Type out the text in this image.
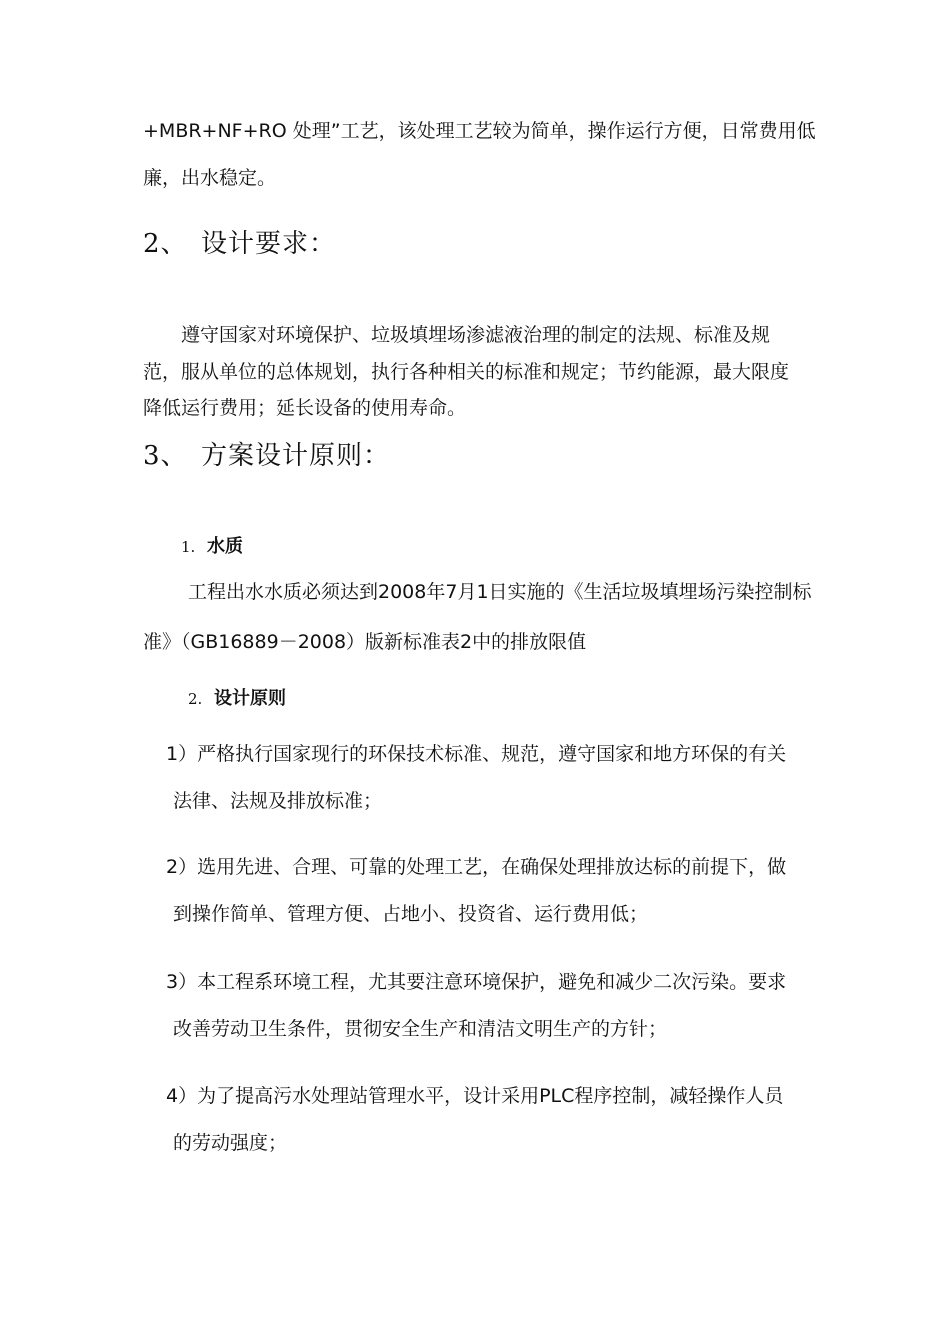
+MBR+NF+RO 处理”工艺，该处理工艺较为简单，操作运行方便，日常费用低
廉，出水稳定。
2、 设计要求：
遵守国家对环境保护、垃圾填埋场渗滤液治理的制定的法规、标准及规
范，服从单位的总体规划，执行各种相关的标准和规定；节约能源，最大限度
降低运行费用；延长设备的使用寿命。
3、 方案设计原则：
1. 水质
工程出水水质必须达到2008年7月1日实施的《生活垃圾填埋场污染控制标
准》（GB16889－2008）版新标准表2中的排放限值
2. 设计原则
1）严格执行国家现行的环保技术标准、规范，遵守国家和地方环保的有关
法律、法规及排放标准；
2）选用先进、合理、可靠的处理工艺，在确保处理排放达标的前提下，做
到操作简单、管理方便、占地小、投资省、运行费用低；
3）本工程系环境工程，尤其要注意环境保护，避免和减少二次污染。要求
改善劳动卫生条件，贯彻安全生产和清洁文明生产的方针；
4）为了提高污水处理站管理水平，设计采用PLC程序控制，减轻操作人员
的劳动强度；
